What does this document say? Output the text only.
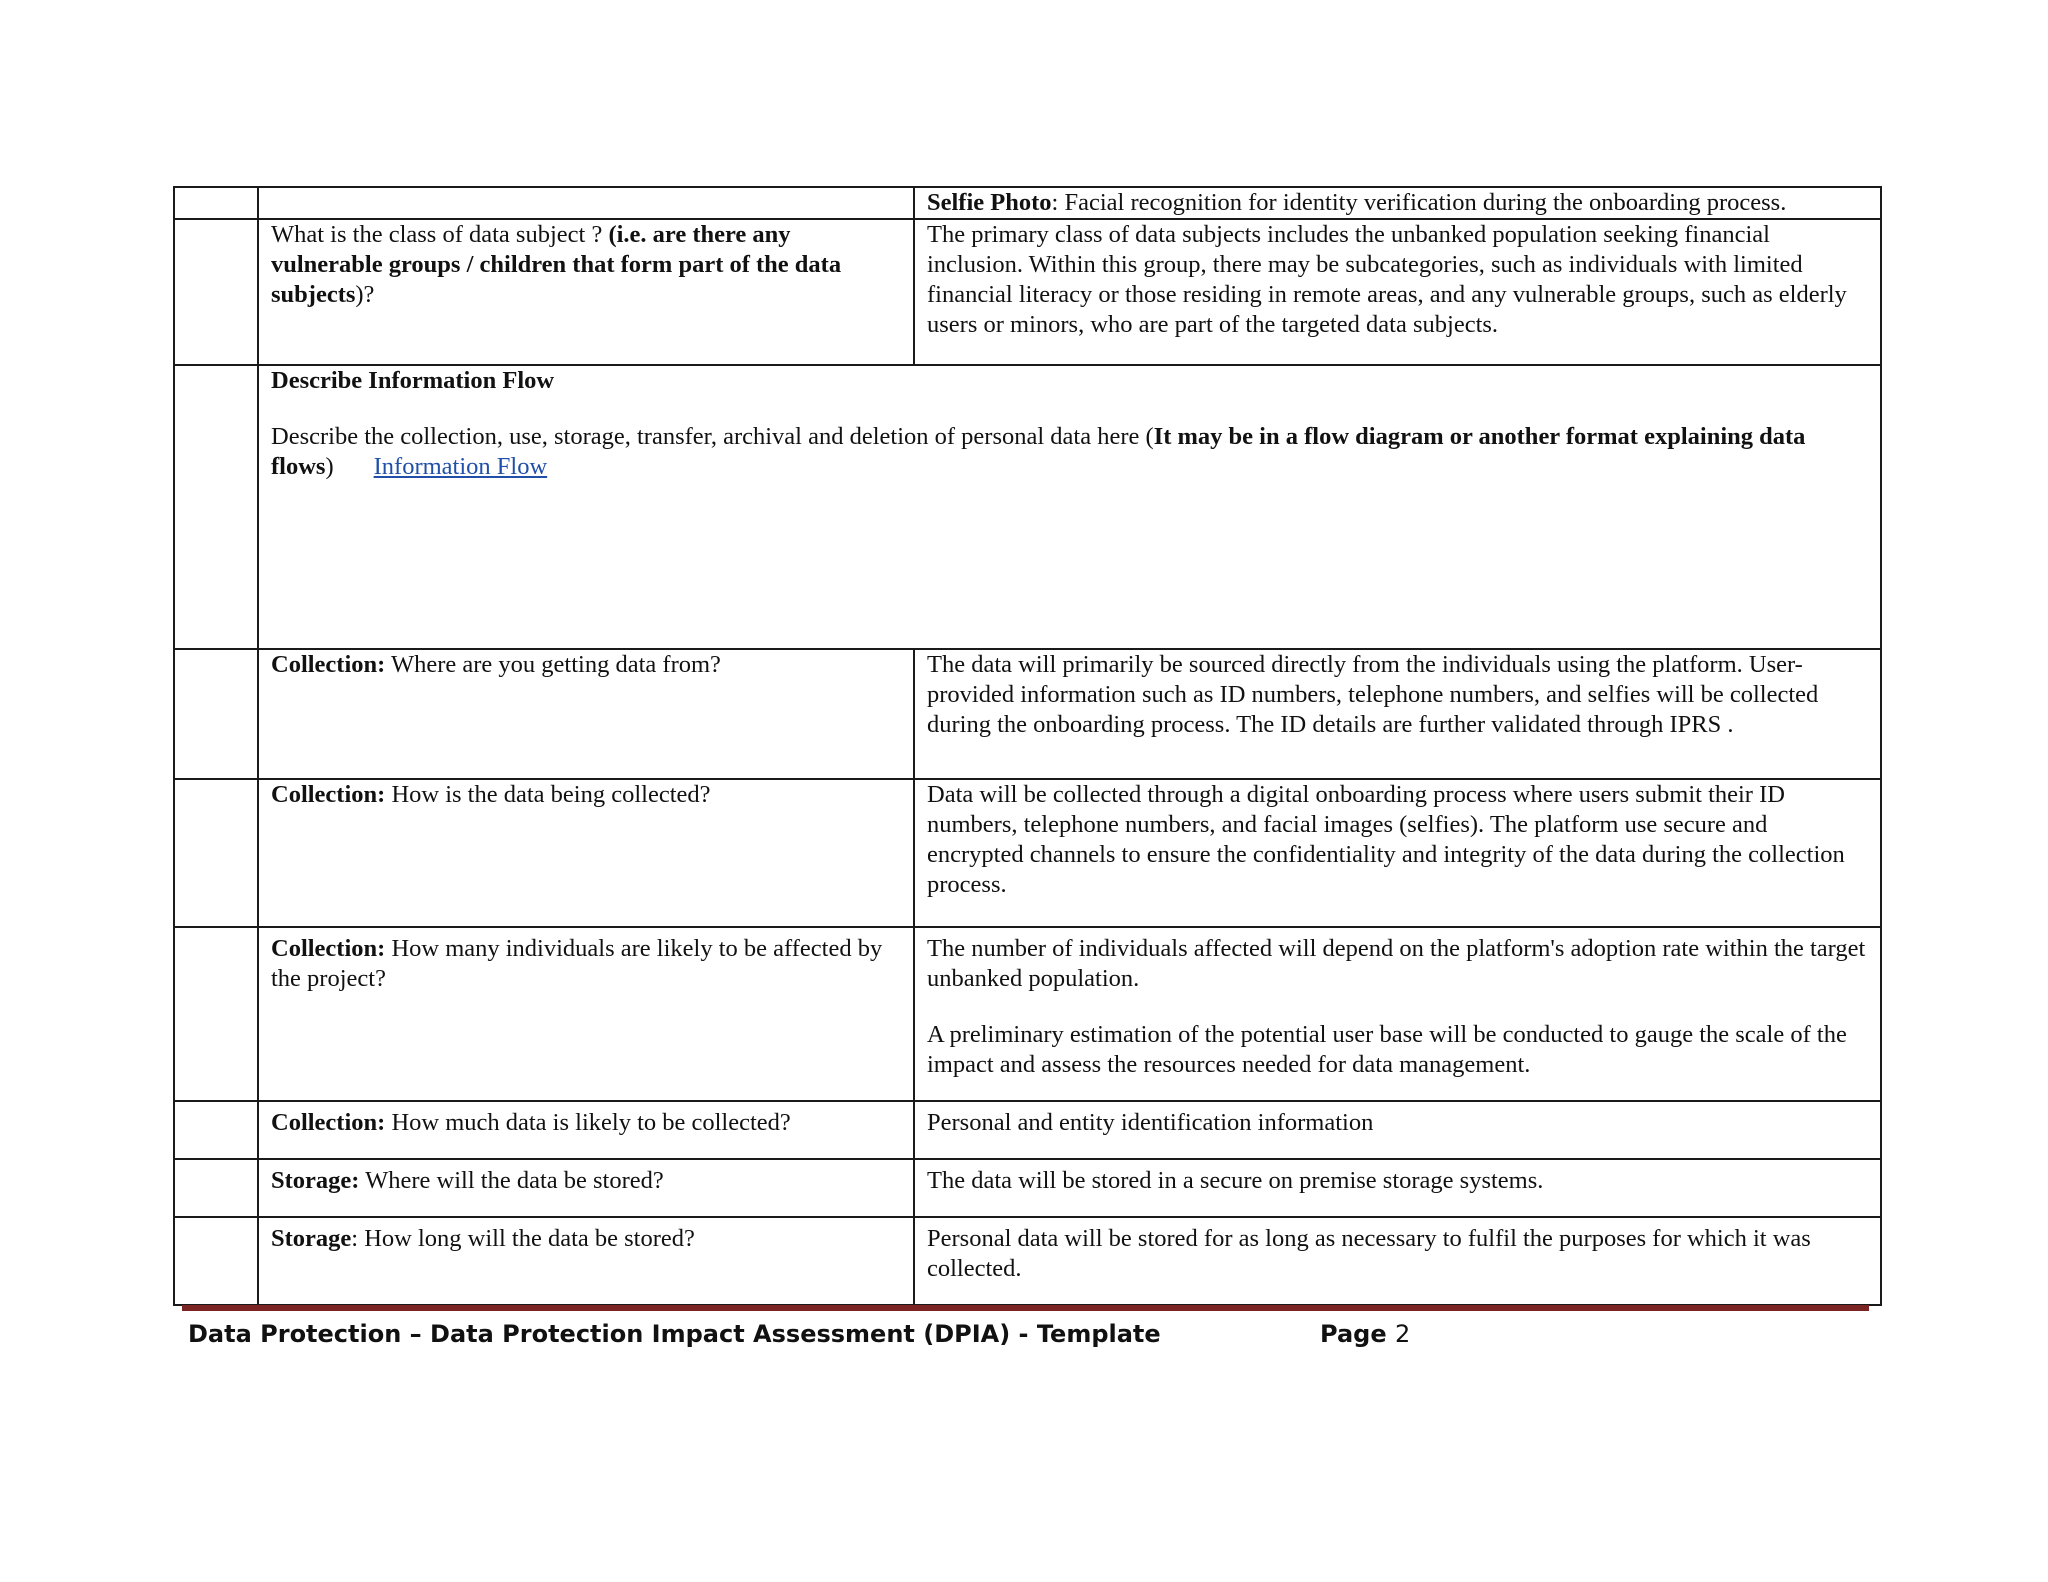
		Selfie Photo: Facial recognition for identity verification during the onboarding process.
	What is the class of data subject ? (i.e. are there any vulnerable groups / children that form part of the data subjects)?	The primary class of data subjects includes the unbanked population seeking financial inclusion. Within this group, there may be subcategories, such as individuals with limited financial literacy or those residing in remote areas, and any vulnerable groups, such as elderly users or minors, who are part of the targeted data subjects.

	Describe Information Flow
Describe the collection, use, storage, transfer, archival and deletion of personal data here (It may be in a flow diagram or another format explaining data flows) Information Flow	

	Collection: Where are you getting data from?	The data will primarily be sourced directly from the individuals using the platform. User-provided information such as ID numbers, telephone numbers, and selfies will be collected during the onboarding process. The ID details are further validated through IPRS .
	Collection: How is the data being collected?	Data will be collected through a digital onboarding process where users submit their ID numbers, telephone numbers, and facial images (selfies). The platform use secure and encrypted channels to ensure the confidentiality and integrity of the data during the collection process.
	Collection: How many individuals are likely to be affected by the project?	The number of individuals affected will depend on the platform's adoption rate within the target unbanked population.
A preliminary estimation of the potential user base will be conducted to gauge the scale of the impact and assess the resources needed for data management.

	Collection: How much data is likely to be collected?	Personal and entity identification information
	Storage: Where will the data be stored?	The data will be stored in a secure on premise storage systems.
	Storage: How long will the data be stored?	Personal data will be stored for as long as necessary to fulfil the purposes for which it was collected.
Data Protection – Data Protection Impact Assessment (DPIA) - Template	Page 2
